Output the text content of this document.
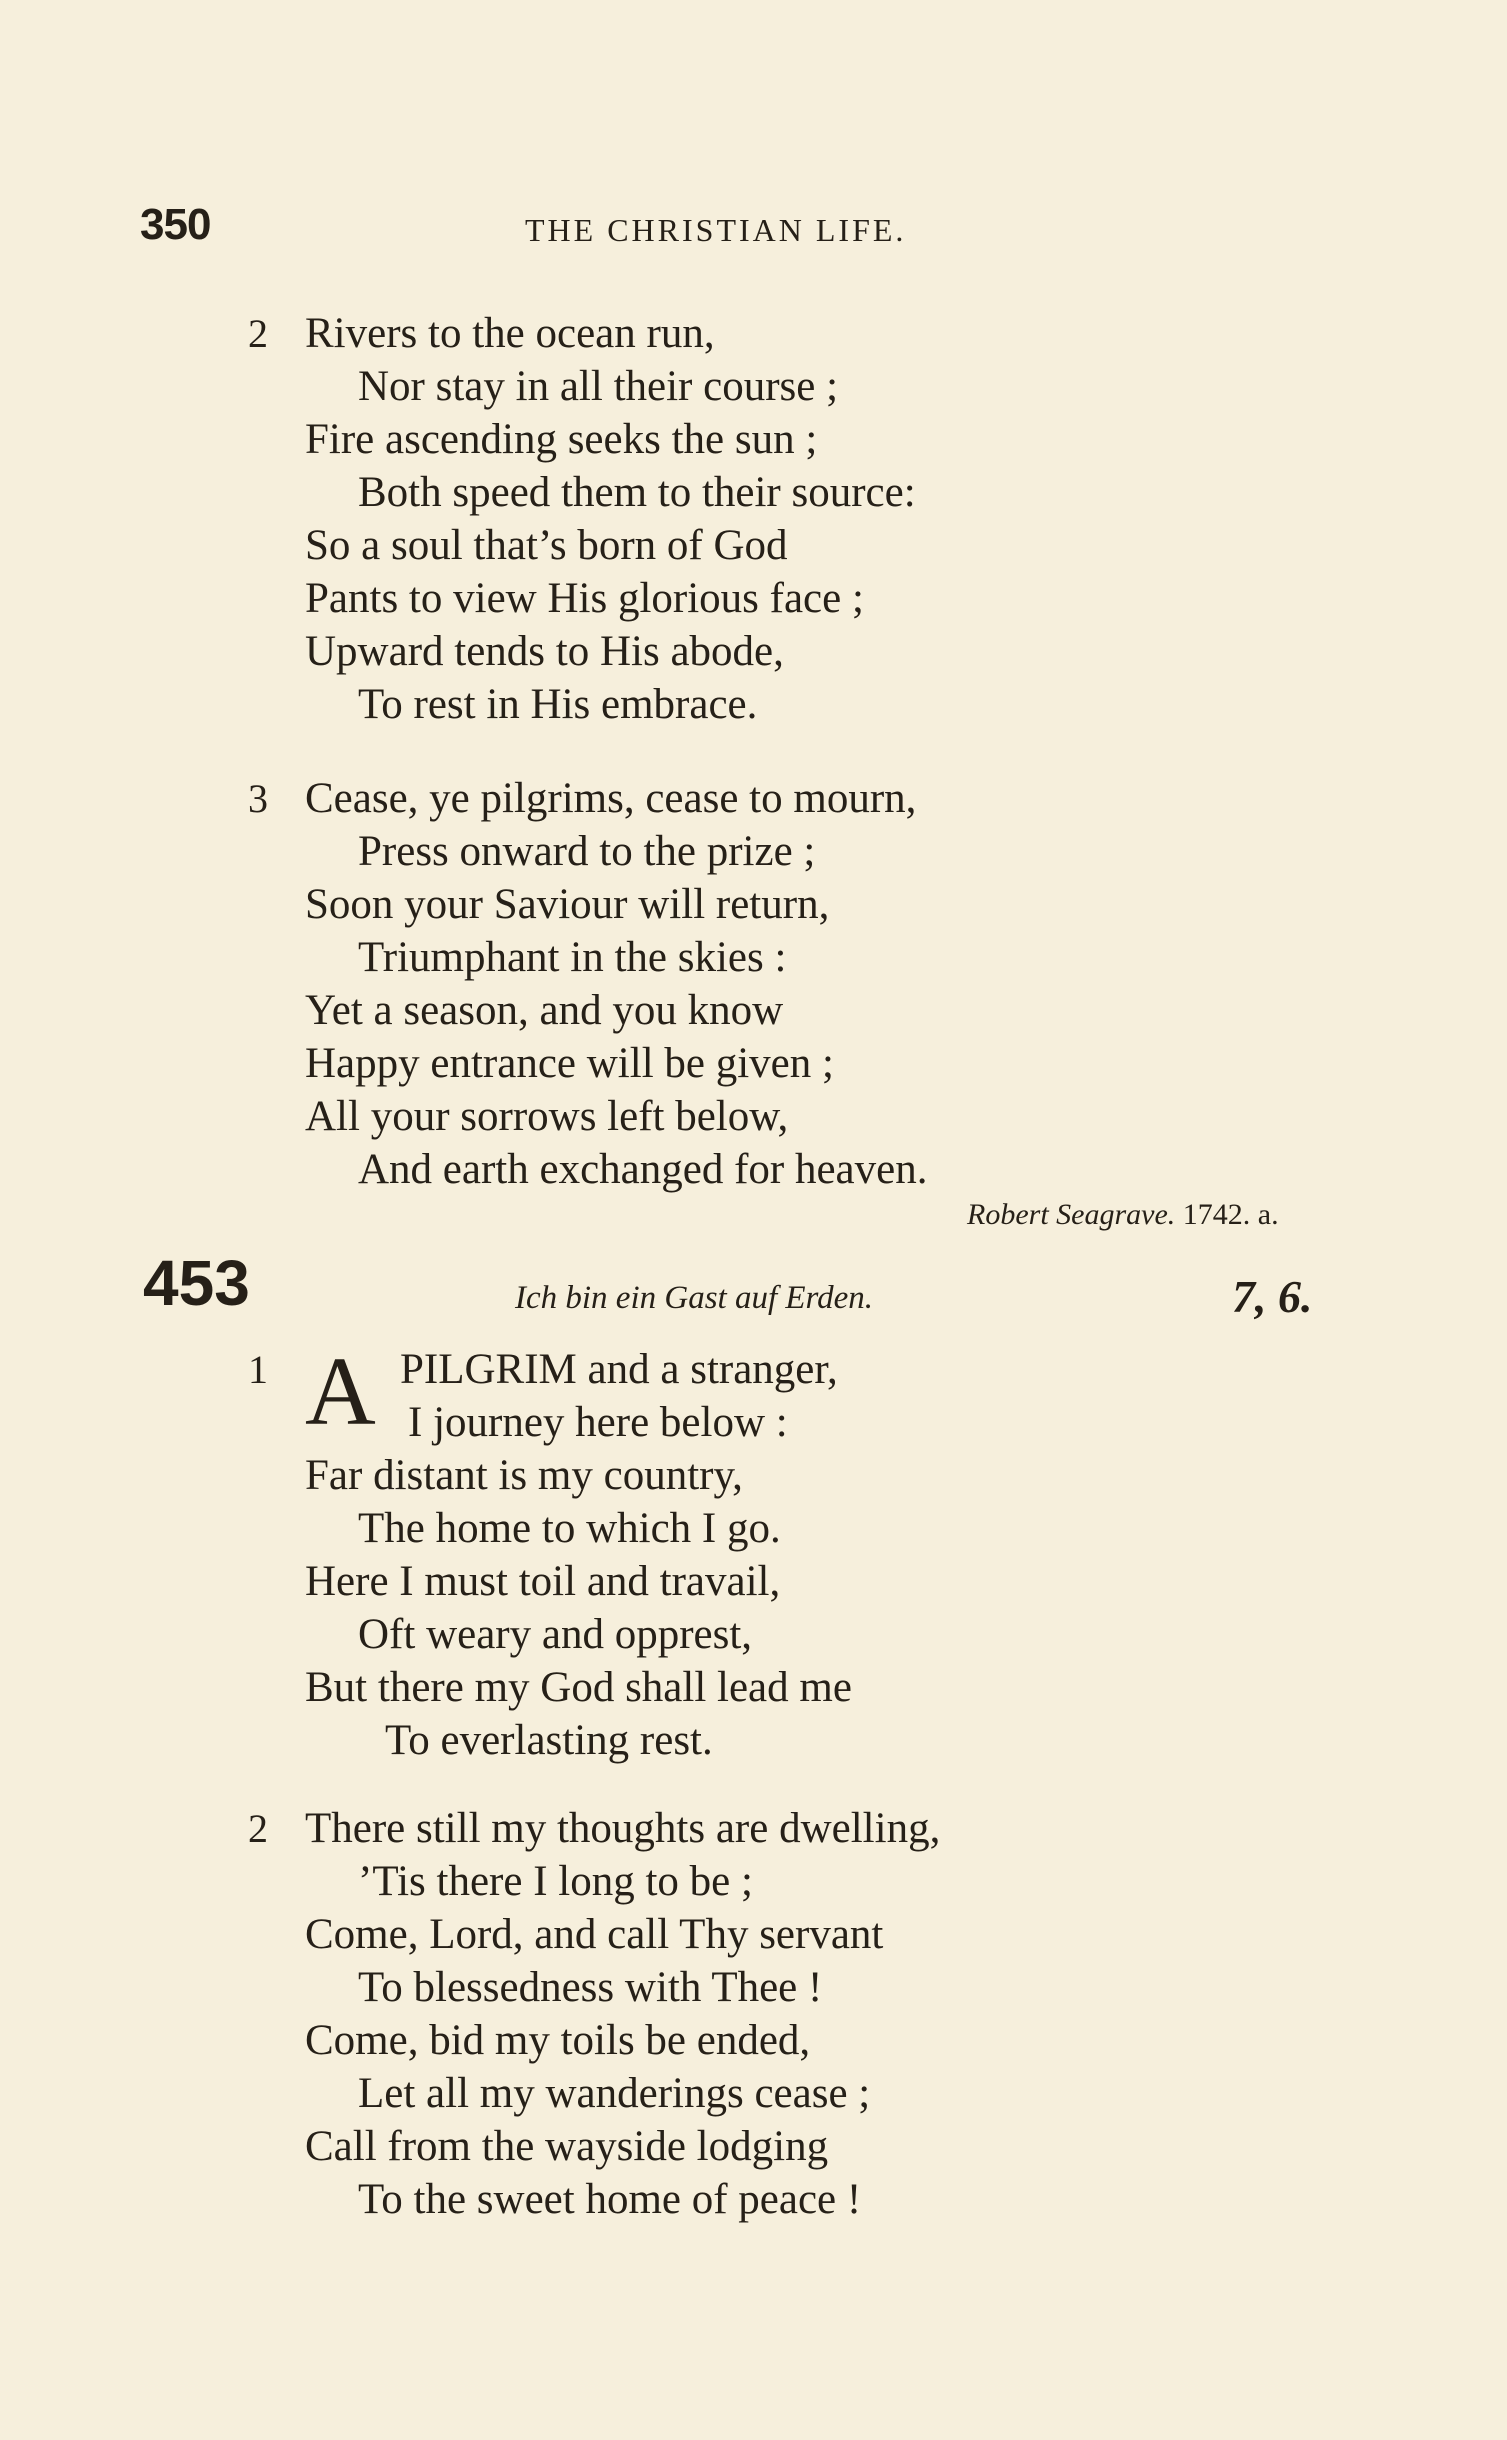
350	THE CHRISTIAN LIFE.
2 Rivers to the ocean run,
Nor stay in all their course ;
Fire ascending seeks the sun ;
Both speed them to their source:
So a soul that’s born of God
Pants to view His glorious face ;
Upward tends to His abode,
To rest in His embrace.
3 Cease, ye pilgrims, cease to mourn,
Press onward to the prize ;
Soon your Saviour will return,
Triumphant in the skies :
Yet a season, and you know
Happy entrance will be given ;
All your sorrows left below,
And earth exchanged for heaven.
Robert Seagrave. 1742. a.
453	Ich bin ein Gast auf Erden.	7, 6.
1 A PILGRIM and a stranger,
I journey here below :
Far distant is my country,
The home to which I go.
Here I must toil and travail,
Oft weary and opprest,
But there my God shall lead me
To everlasting rest.
2 There still my thoughts are dwelling,
’Tis there I long to be ;
Come, Lord, and call Thy servant
To blessedness with Thee !
Come, bid my toils be ended,
Let all my wanderings cease ;
Call from the wayside lodging
To the sweet home of peace !
